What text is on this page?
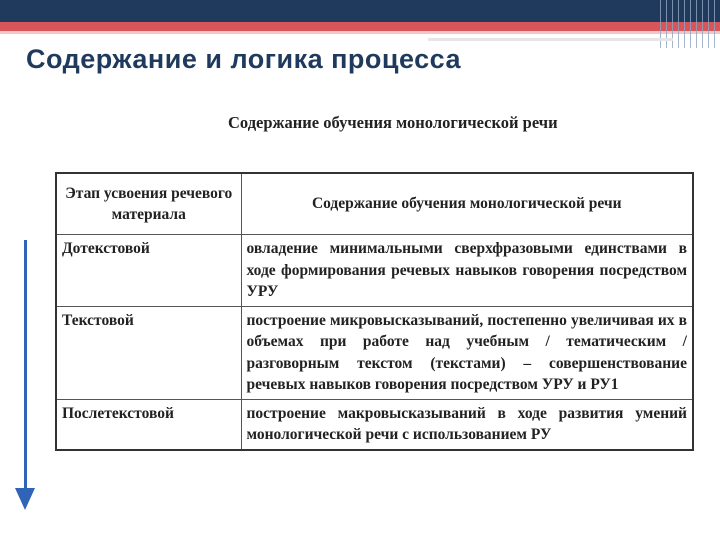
Содержание и логика процесса
Содержание обучения монологической речи
Этап усвоения речевого материала	Содержание обучения монологической речи
Дотекстовой	овладение минимальными сверхфразовыми единствами в ходе формирования речевых навыков говорения посредством УРУ
Текстовой	построение микровысказываний, постепенно увеличивая их в объемах при работе над учебным / тематическим / разговорным текстом (текстами) – совершенствование речевых навыков говорения посредством УРУ и РУ1
Послетекстовой	построение макровысказываний в ходе развития умений монологической речи с использованием РУ
